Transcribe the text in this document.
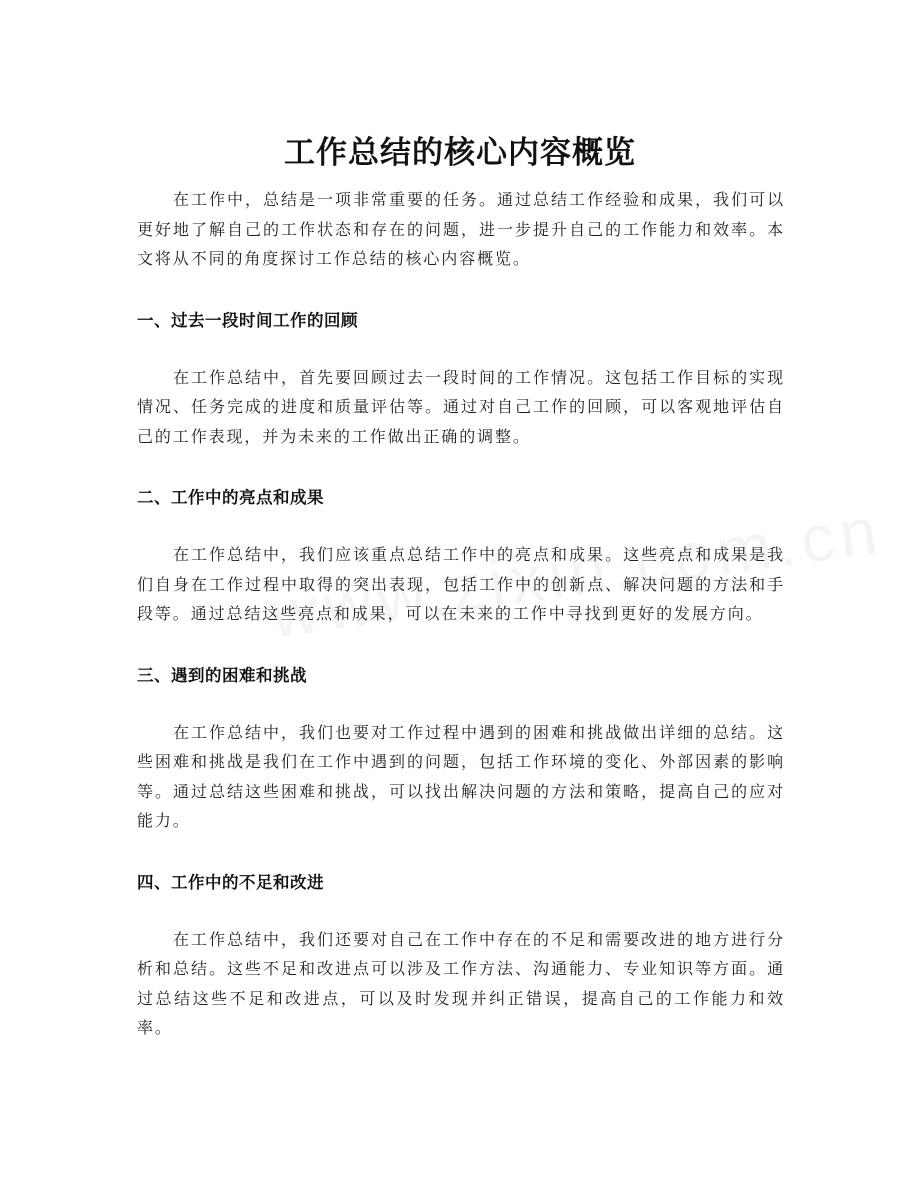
工作总结的核心内容概览

在工作中，总结是一项非常重要的任务。通过总结工作经验和成果，我们可以更好地了解自己的工作状态和存在的问题，进一步提升自己的工作能力和效率。本文将从不同的角度探讨工作总结的核心内容概览。

一、过去一段时间工作的回顾

在工作总结中，首先要回顾过去一段时间的工作情况。这包括工作目标的实现情况、任务完成的进度和质量评估等。通过对自己工作的回顾，可以客观地评估自己的工作表现，并为未来的工作做出正确的调整。

二、工作中的亮点和成果

在工作总结中，我们应该重点总结工作中的亮点和成果。这些亮点和成果是我们自身在工作过程中取得的突出表现，包括工作中的创新点、解决问题的方法和手段等。通过总结这些亮点和成果，可以在未来的工作中寻找到更好的发展方向。

三、遇到的困难和挑战

在工作总结中，我们也要对工作过程中遇到的困难和挑战做出详细的总结。这些困难和挑战是我们在工作中遇到的问题，包括工作环境的变化、外部因素的影响等。通过总结这些困难和挑战，可以找出解决问题的方法和策略，提高自己的应对能力。

四、工作中的不足和改进

在工作总结中，我们还要对自己在工作中存在的不足和需要改进的地方进行分析和总结。这些不足和改进点可以涉及工作方法、沟通能力、专业知识等方面。通过总结这些不足和改进点，可以及时发现并纠正错误，提高自己的工作能力和效率。
